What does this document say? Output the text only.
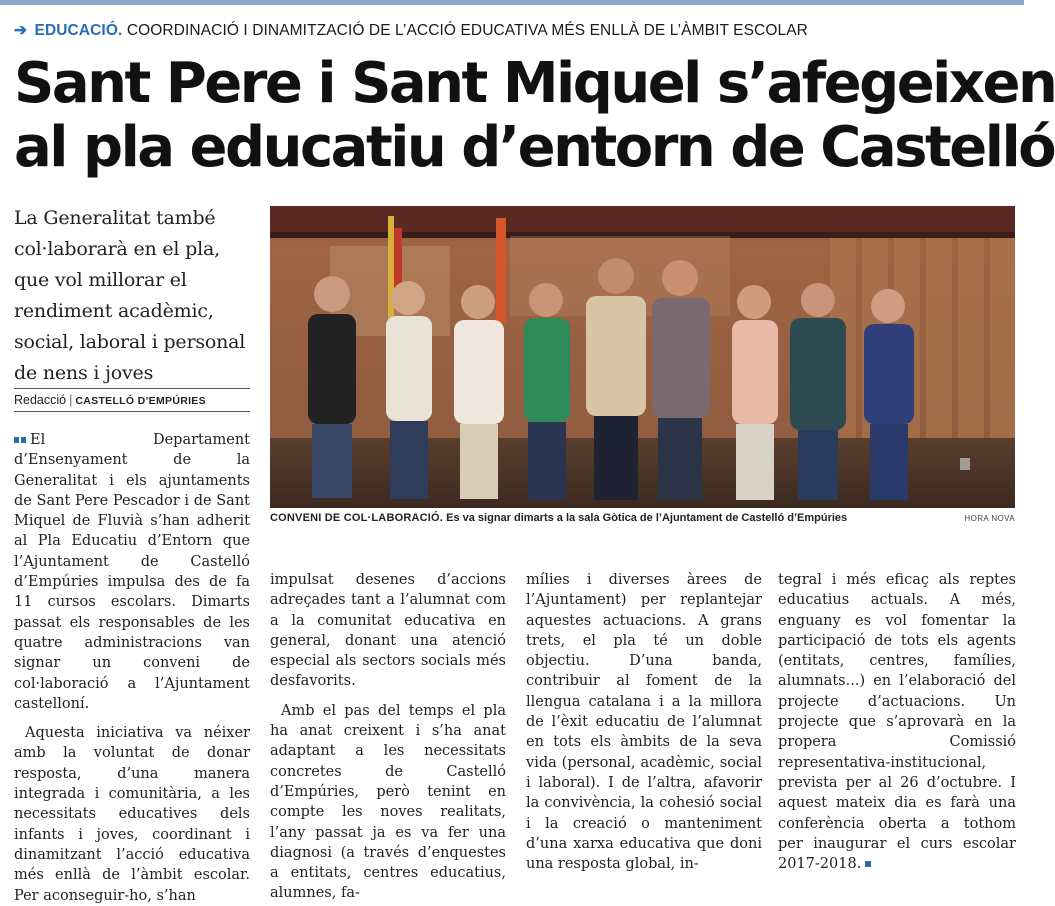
➔ EDUCACIÓ. COORDINACIÓ I DINAMITZACIÓ DE L’ACCIÓ EDUCATIVA MÉS ENLLÀ DE L’ÀMBIT ESCOLAR
Sant Pere i Sant Miquel s’afegeixen
al pla educatiu d’entorn de Castelló
La Generalitat també col·laborarà en el pla, que vol millorar el rendiment acadèmic, social, laboral i personal de nens i joves
Redacció | CASTELLÓ D’EMPÚRIES
CONVENI DE COL·LABORACIÓ. Es va signar dimarts a la sala Gòtica de l’Ajuntament de Castelló d’Empúries	HORA NOVA

El Departament d’Ensenyament de la Generalitat i els ajuntaments de Sant Pere Pescador i de Sant Miquel de Fluvià s’han adherit al Pla Educatiu d’Entorn que l’Ajuntament de Castelló d’Empúries impulsa des de fa 11 cursos escolars. Dimarts passat els responsables de les quatre administracions van signar un conveni de col·laboració a l’Ajuntament castelloní.

Aquesta iniciativa va néixer amb la voluntat de donar resposta, d’una manera integrada i comunitària, a les necessitats educatives dels infants i joves, coordinant i dinamitzant l’acció educativa més enllà de l’àmbit escolar. Per aconseguir-ho, s’han

impulsat desenes d’accions adreçades tant a l’alumnat com a la comunitat educativa en general, donant una atenció especial als sectors socials més desfavorits.

Amb el pas del temps el pla ha anat creixent i s’ha anat adaptant a les necessitats concretes de Castelló d’Empúries, però tenint en compte les noves realitats, l’any passat ja es va fer una diagnosi (a través d’enquestes a entitats, centres educatius, alumnes, fa-

mílies i diverses àrees de l’Ajuntament) per replantejar aquestes actuacions. A grans trets, el pla té un doble objectiu. D’una banda, contribuir al foment de la llengua catalana i a la millora de l’èxit educatiu de l’alumnat en tots els àmbits de la seva vida (personal, acadèmic, social i laboral). I de l’altra, afavorir la convivència, la cohesió social i la creació o manteniment d’una xarxa educativa que doni una resposta global, in-

tegral i més eficaç als reptes educatius actuals. A més, enguany es vol fomentar la participació de tots els agents (entitats, centres, famílies, alumnats...) en l’elaboració del projecte d’actuacions. Un projecte que s’aprovarà en la propera Comissió representativa-institucional, prevista per al 26 d’octubre. I aquest mateix dia es farà una conferència oberta a tothom per inaugurar el curs escolar 2017-2018.
